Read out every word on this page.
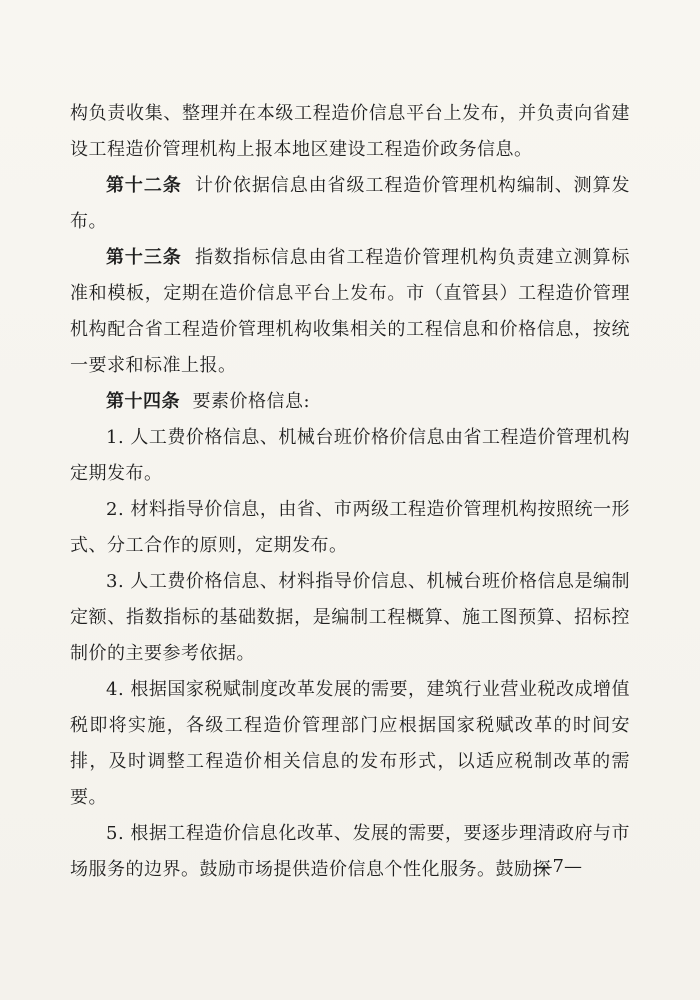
构负责收集、整理并在本级工程造价信息平台上发布，并负责向省建设工程造价管理机构上报本地区建设工程造价政务信息。

第十二条 计价依据信息由省级工程造价管理机构编制、测算发布。

第十三条 指数指标信息由省工程造价管理机构负责建立测算标准和模板，定期在造价信息平台上发布。市（直管县）工程造价管理机构配合省工程造价管理机构收集相关的工程信息和价格信息，按统一要求和标准上报。

第十四条 要素价格信息:

1. 人工费价格信息、机械台班价格价信息由省工程造价管理机构定期发布。

2. 材料指导价信息，由省、市两级工程造价管理机构按照统一形式、分工合作的原则，定期发布。

3. 人工费价格信息、材料指导价信息、机械台班价格信息是编制定额、指数指标的基础数据，是编制工程概算、施工图预算、招标控制价的主要参考依据。

4. 根据国家税赋制度改革发展的需要，建筑行业营业税改成增值税即将实施，各级工程造价管理部门应根据国家税赋改革的时间安排，及时调整工程造价相关信息的发布形式，以适应税制改革的需要。

5. 根据工程造价信息化改革、发展的需要，要逐步理清政府与市场服务的边界。鼓励市场提供造价信息个性化服务。鼓励探

—7—
